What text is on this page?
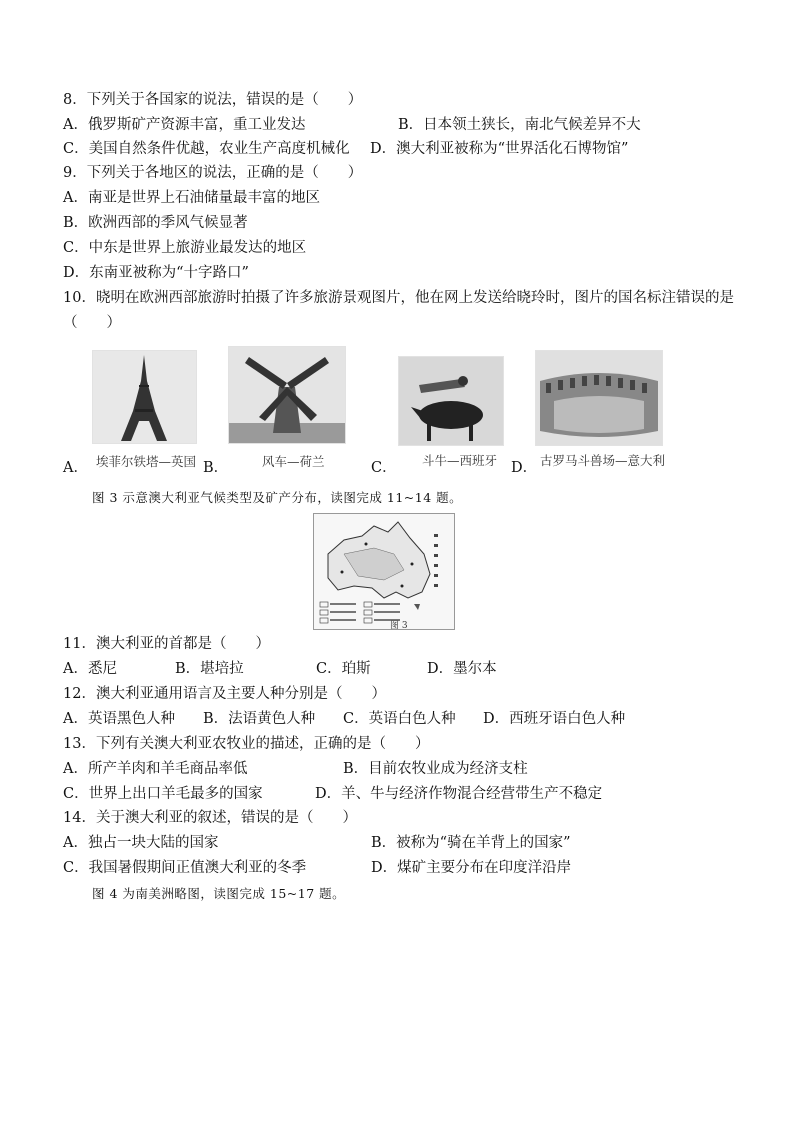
8．下列关于各国家的说法，错误的是（　　）
A．俄罗斯矿产资源丰富，重工业发达	B．日本领土狭长，南北气候差异不大
C．美国自然条件优越，农业生产高度机械化 D．澳大利亚被称为“世界活化石博物馆”
9．下列关于各地区的说法，正确的是（　　）
A．南亚是世界上石油储量最丰富的地区
B．欧洲西部的季风气候显著
C．中东是世界上旅游业最发达的地区
D．东南亚被称为“十字路口”
10．晓明在欧洲西部旅游时拍摄了许多旅游景观图片，他在网上发送给晓玲时，图片的国名标注错误的是
（　　）
A． 埃菲尔铁塔—英国 B．	风车—荷兰	C． 斗牛—西班牙 D． 古罗马斗兽场—意大利
图 3 示意澳大利亚气候类型及矿产分布，读图完成 11~14 题。
图 3
11．澳大利亚的首都是（　　）
A．悉尼	B．堪培拉	C．珀斯	D．墨尔本
12．澳大利亚通用语言及主要人种分别是（　　）
A．英语黑色人种 B．法语黄色人种 C．英语白色人种 D．西班牙语白色人种
13．下列有关澳大利亚农牧业的描述，正确的是（　　）
A．所产羊肉和羊毛商品率低	B．目前农牧业成为经济支柱
C．世界上出口羊毛最多的国家	D．羊、牛与经济作物混合经营带生产不稳定
14．关于澳大利亚的叙述，错误的是（　　）
A．独占一块大陆的国家	B．被称为“骑在羊背上的国家”
C．我国暑假期间正值澳大利亚的冬季	D．煤矿主要分布在印度洋沿岸
图 4 为南美洲略图，读图完成 15~17 题。
